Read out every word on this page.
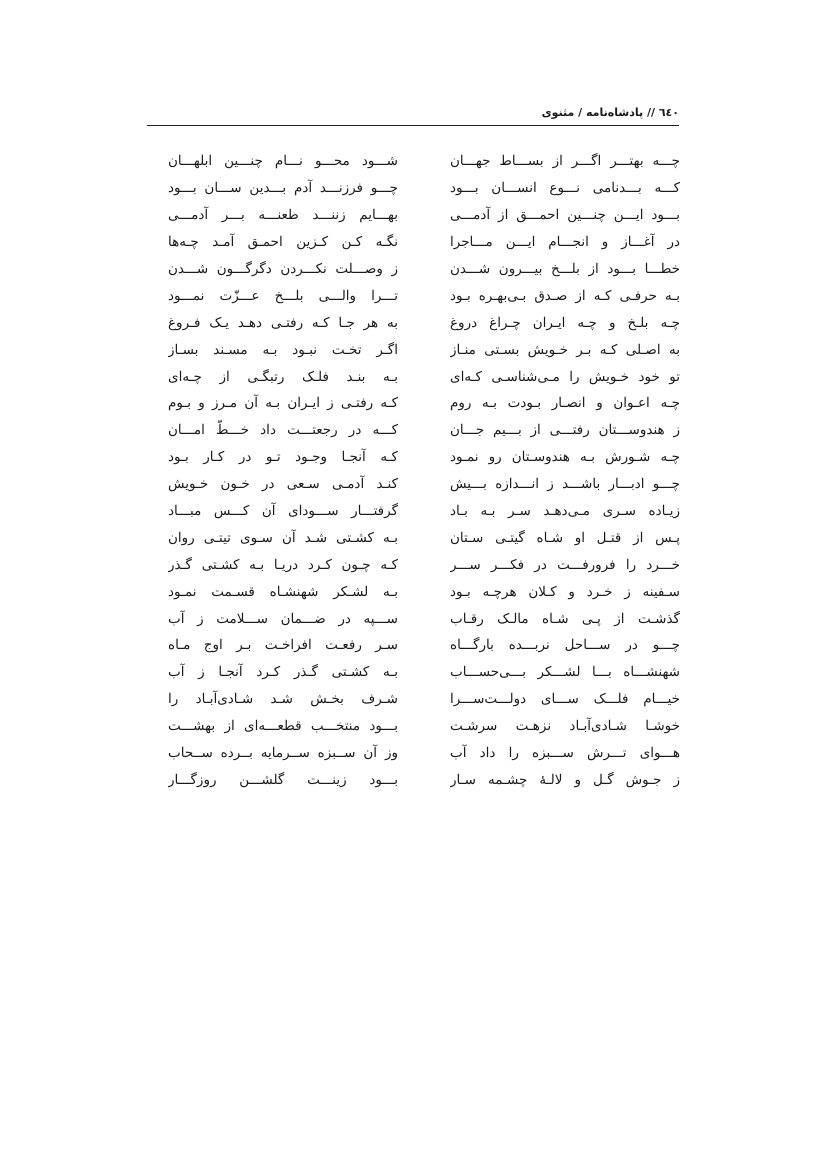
٦٤٠ // پادشاه‌نامه / مثنوی
چـــه بهتـــر اگـــر از بســـاط جهـــان
شـــود محـــو نـــام چنـــین ابلهـــان
کـــه بـــدنامی نـــوع انســـان بـــود
چـــو فرزنـــد آدم بـــدین ســـان بـــود
بـــود ایـــن چنـــین احمـــق از آدمـــی
بهـــایم زننـــد طعنـــه بـــر آدمـــی
در آغـــاز و انجـــام ایـــن مـــاجرا
نگـه کـن کـزین احمـق آمـد چـه‌ها
خطـــا بـــود از بلـــخ بیـــرون شـــدن
ز وصـــلت نکـــردن دگرگـــون شـــدن
بـه حرفـی کـه از صـدق بـی‌بهـره بـود
تـــرا والـــی بلـــخ عـــزّت نمـــود
چـه بلـخ و چـه ایـران چـراغ دروغ
به هر جـا کـه رفتـی دهـد یـک فـروغ
به اصـلی کـه بـر خـویش بسـتی منـاز
اگـر تخـت نبـود بـه مسـند بسـاز
تو خود خـویش را مـی‌شناسـی کـه‌ای
بـه بنـد فلـک رتبگـی از چـه‌ای
چـه اعـوان و انصـار بـودت بـه روم
کـه رفتـی ز ایـران بـه آن مـرز و بـوم
ز هندوســـتان رفتـــی از بـــیم جـــان
کـــه در رجعتـــت داد خـــطّ امـــان
چـه شـورش بـه هندوسـتان رو نمـود
کـه آنجـا وجـود تـو در کـار بـود
چـــو ادبـــار باشـــد ز انـــدازه بـــیش
کنـد آدمـی سـعی در خـون خـویش
زیـاده سـری مـی‌دهـد سـر بـه بـاد
گرفتـــار ســـودای آن کـــس مبـــاد
پـس از قتـل او شـاه گیتـی سـتان
بـه کشـتی شـد آن سـوی تیتـی روان
خـــرد را فرورفـــت در فکـــر ســـر
کـه چـون کـرد دریـا بـه کشـتی گـذر
سـفینه ز خـرد و کـلان هرچـه بـود
بـه لشـکر شهنشـاه قسـمت نمـود
گذشـت از پـی شـاه مالـک رقـاب
ســـپه در ضـــمان ســـلامت ز آب
چـــو در ســـاحل نربـــده بارگـــاه
سـر رفعـت افراخـت بـر اوج مـاه
شهنشـــاه بـــا لشـــکر بـــی‌حســـاب
بـه کشـتی گـذر کـرد آنجـا ز آب
خیـــام فلـــک ســـای دولـــت‌ســـرا
شـرف بخـش شـد شـادی‌آبـاد را
خوشـا شـادی‌آبـاد نزهـت سرشـت
بـــود منتخـــب قطعـــه‌ای از بهشـــت
هـــوای تـــرش ســـبزه را داد آب
وز آن ســبزه ســرمایه بــرده ســحاب
ز جـوش گـل و لالـهٔ چشـمه سـار
بـــود زینـــت گلشـــن روزگـــار
